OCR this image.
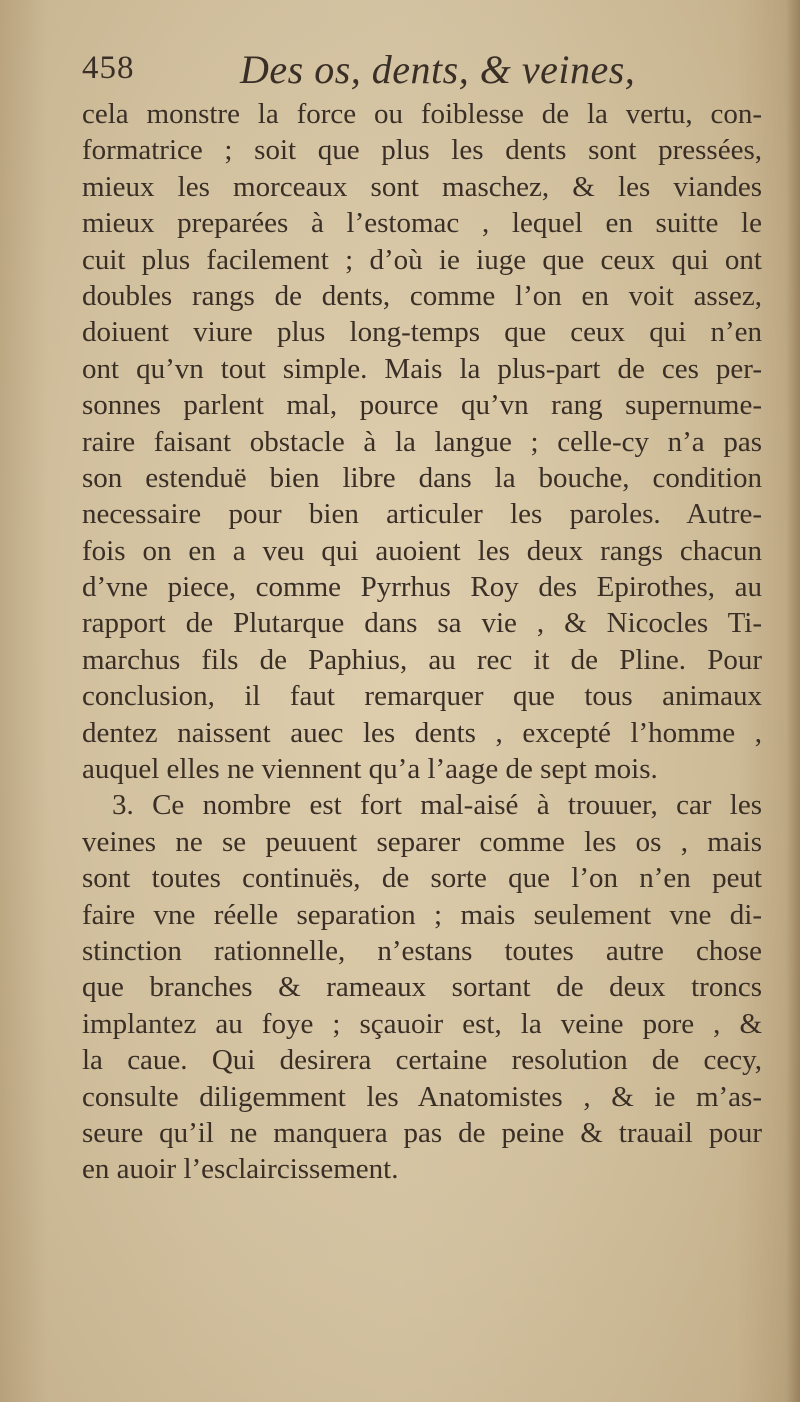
458	Des os, dents, & veines,
cela monstre la force ou foiblesse de la vertu, con-
formatrice ; soit que plus les dents sont pressées,
mieux les morceaux sont maschez, & les viandes
mieux preparées à l’estomac , lequel en suitte le
cuit plus facilement ; d’où ie iuge que ceux qui ont
doubles rangs de dents, comme l’on en voit assez,
doiuent viure plus long-temps que ceux qui n’en
ont qu’vn tout simple. Mais la plus-part de ces per-
sonnes parlent mal, pource qu’vn rang supernume-
raire faisant obstacle à la langue ; celle-cy n’a pas
son estenduë bien libre dans la bouche, condition
necessaire pour bien articuler les paroles. Autre-
fois on en a veu qui auoient les deux rangs chacun
d’vne piece, comme Pyrrhus Roy des Epirothes, au
rapport de Plutarque dans sa vie , & Nicocles Ti-
marchus fils de Paphius, au rec it de Pline. Pour
conclusion, il faut remarquer que tous animaux
dentez naissent auec les dents , excepté l’homme ,
auquel elles ne viennent qu’a l’aage de sept mois.
3. Ce nombre est fort mal-aisé à trouuer, car les
veines ne se peuuent separer comme les os , mais
sont toutes continuës, de sorte que l’on n’en peut
faire vne réelle separation ; mais seulement vne di-
stinction rationnelle, n’estans toutes autre chose
que branches & rameaux sortant de deux troncs
implantez au foye ; sçauoir est, la veine pore , &
la caue. Qui desirera certaine resolution de cecy,
consulte diligemment les Anatomistes , & ie m’as-
seure qu’il ne manquera pas de peine & trauail pour
en auoir l’esclaircissement.
